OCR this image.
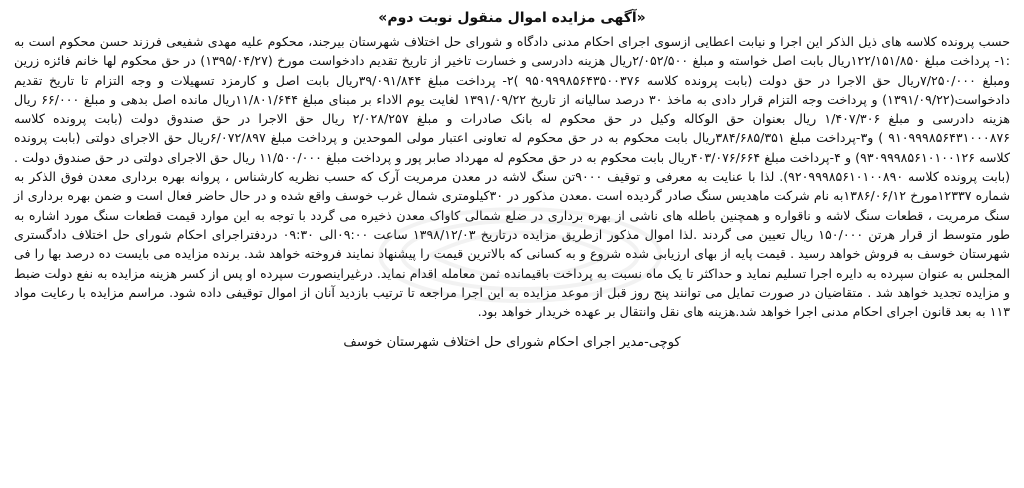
«آگهی مزایده اموال منقول نوبت دوم»

حسب پرونده کلاسه های ذیل الذکر این اجرا و نیابت اعطایی ازسوی اجرای احکام مدنی دادگاه و شورای حل اختلاف شهرستان بیرجند، محکوم علیه مهدی شفیعی فرزند حسن محکوم است به :۱- پرداخت مبلغ ۱۲۲/۱۵۱/۸۵۰ریال بابت اصل خواسته و مبلغ ۲/۰۵۲/۵۰۰ریال هزینه دادرسی و خسارت تاخیر از تاریخ تقدیم دادخواست مورخ (۱۳۹۵/۰۴/۲۷) در حق محکوم لها خانم فائزه زرین ومبلغ ۷/۲۵۰/۰۰۰ریال حق الاجرا در حق دولت (بابت پرونده کلاسه ۹۵۰۹۹۹۸۵۶۴۳۵۰۰۳۷۶ )۲- پرداخت مبلغ ۳۹/۰۹۱/۸۴۴ریال بابت اصل و کارمزد تسهیلات و وجه التزام تا تاریخ تقدیم دادخواست(۱۳۹۱/۰۹/۲۲) و پرداخت وجه التزام قرار دادی به ماخذ ۳۰ درصد سالیانه از تاریخ ۱۳۹۱/۰۹/۲۲ لغایت یوم الاداء بر مبنای مبلغ ۱۱/۸۰۱/۶۴۴ریال مانده اصل بدهی و مبلغ ۶۶/۰۰۰ ریال هزینه دادرسی و مبلغ ۱/۴۰۷/۳۰۶ ریال بعنوان حق الوکاله وکیل در حق محکوم له بانک صادرات و مبلغ ۲/۰۲۸/۲۵۷ ریال حق الاجرا در حق صندوق دولت (بابت پرونده کلاسه ۹۱۰۹۹۹۸۵۶۴۳۱۰۰۰۸۷۶ ) و۳-پرداخت مبلغ ۳۸۴/۶۸۵/۳۵۱ریال بابت محکوم به در حق محکوم له تعاونی اعتبار مولی الموحدین و پرداخت مبلغ ۶/۰۷۲/۸۹۷ریال حق الاجرای دولتی (بابت پرونده کلاسه ۹۳۰۹۹۹۸۵۶۱۰۱۰۰۱۲۶) و ۴-پرداخت مبلغ ۴۰۳/۰۷۶/۶۶۴ریال بابت محکوم به در حق محکوم له مهرداد صابر پور و پرداخت مبلغ ۱۱/۵۰۰/۰۰۰ ریال حق الاجرای دولتی در حق صندوق دولت .(بابت پرونده کلاسه ۹۲۰۹۹۹۸۵۶۱۰۱۰۰۸۹۰). لذا با عنایت به معرفی و توقیف ۹۰۰۰تن سنگ لاشه در معدن مرمریت آرک که حسب نظریه کارشناس ، پروانه بهره برداری معدن فوق الذکر به شماره ۱۲۳۳۷مورخ ۱۳۸۶/۰۶/۱۲به نام شرکت ماهدیس سنگ صادر گردیده است .معدن مذکور در ۳۰کیلومتری شمال غرب خوسف واقع شده و در حال حاضر فعال است و ضمن بهره برداری از سنگ مرمریت ، قطعات سنگ لاشه و ناقواره و همچنین باطله های ناشی از بهره برداری در ضلع شمالی کاواک معدن ذخیره می گردد با توجه به این موارد قیمت قطعات سنگ مورد اشاره به طور متوسط از قرار هرتن ۱۵۰/۰۰۰ ریال تعیین می گردند .لذا اموال مذکور ازطریق مزایده درتاریخ ۱۳۹۸/۱۲/۰۳ ساعت ۰۹:۰۰الی ۰۹:۳۰ دردفتراجرای احکام شورای حل اختلاف دادگستری شهرستان خوسف به فروش خواهد رسید . قیمت پایه از بهای ارزیابی شده شروع و به کسانی که بالاترین قیمت را پیشنهاد نمایند فروخته خواهد شد. برنده مزایده می بایست ده درصد بها را فی المجلس به عنوان سپرده به دایره اجرا تسلیم نماید و حداکثر تا یک ماه نسبت به پرداخت باقیمانده ثمن معامله اقدام نماید. درغیراینصورت سپرده او پس از کسر هزینه مزایده به نفع دولت ضبط و مزایده تجدید خواهد شد . متقاضیان در صورت تمایل می توانند پنج روز قبل از موعد مزایده به این اجرا مراجعه تا ترتیب بازدید آنان از اموال توقیفی داده شود. مراسم مزایده با رعایت مواد ۱۱۳ به بعد قانون اجرای احکام مدنی اجرا خواهد شد.هزینه های نقل وانتقال بر عهده خریدار خواهد بود.

کوچی-مدیر اجرای احکام شورای حل اختلاف شهرستان خوسف
